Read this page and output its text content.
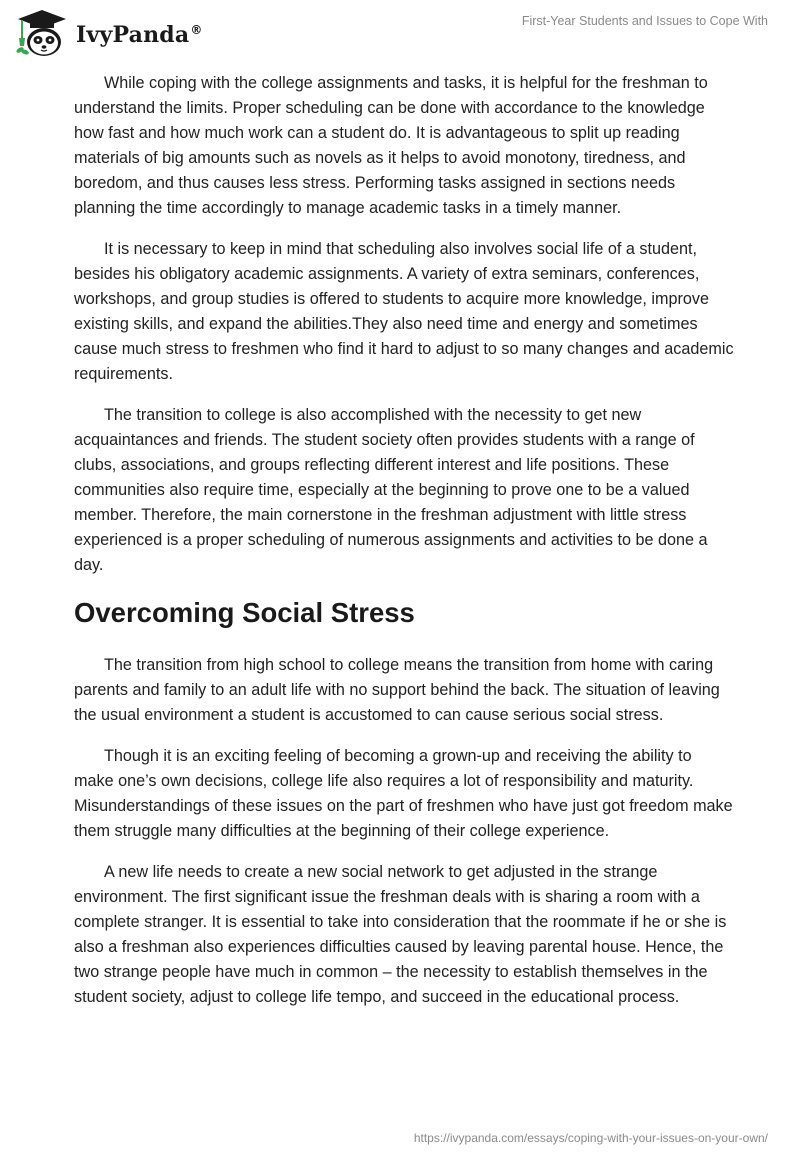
IvyPanda®
First-Year Students and Issues to Cope With

While coping with the college assignments and tasks, it is helpful for the freshman to understand the limits. Proper scheduling can be done with accordance to the knowledge how fast and how much work can a student do. It is advantageous to split up reading materials of big amounts such as novels as it helps to avoid monotony, tiredness, and boredom, and thus causes less stress. Performing tasks assigned in sections needs planning the time accordingly to manage academic tasks in a timely manner.

It is necessary to keep in mind that scheduling also involves social life of a student, besides his obligatory academic assignments. A variety of extra seminars, conferences, workshops, and group studies is offered to students to acquire more knowledge, improve existing skills, and expand the abilities.They also need time and energy and sometimes cause much stress to freshmen who find it hard to adjust to so many changes and academic requirements.

The transition to college is also accomplished with the necessity to get new acquaintances and friends. The student society often provides students with a range of clubs, associations, and groups reflecting different interest and life positions. These communities also require time, especially at the beginning to prove one to be a valued member. Therefore, the main cornerstone in the freshman adjustment with little stress experienced is a proper scheduling of numerous assignments and activities to be done a day.

Overcoming Social Stress

The transition from high school to college means the transition from home with caring parents and family to an adult life with no support behind the back. The situation of leaving the usual environment a student is accustomed to can cause serious social stress.

Though it is an exciting feeling of becoming a grown-up and receiving the ability to make one’s own decisions, college life also requires a lot of responsibility and maturity. Misunderstandings of these issues on the part of freshmen who have just got freedom make them struggle many difficulties at the beginning of their college experience.

A new life needs to create a new social network to get adjusted in the strange environment. The first significant issue the freshman deals with is sharing a room with a complete stranger. It is essential to take into consideration that the roommate if he or she is also a freshman also experiences difficulties caused by leaving parental house. Hence, the two strange people have much in common – the necessity to establish themselves in the student society, adjust to college life tempo, and succeed in the educational process.

https://ivypanda.com/essays/coping-with-your-issues-on-your-own/
